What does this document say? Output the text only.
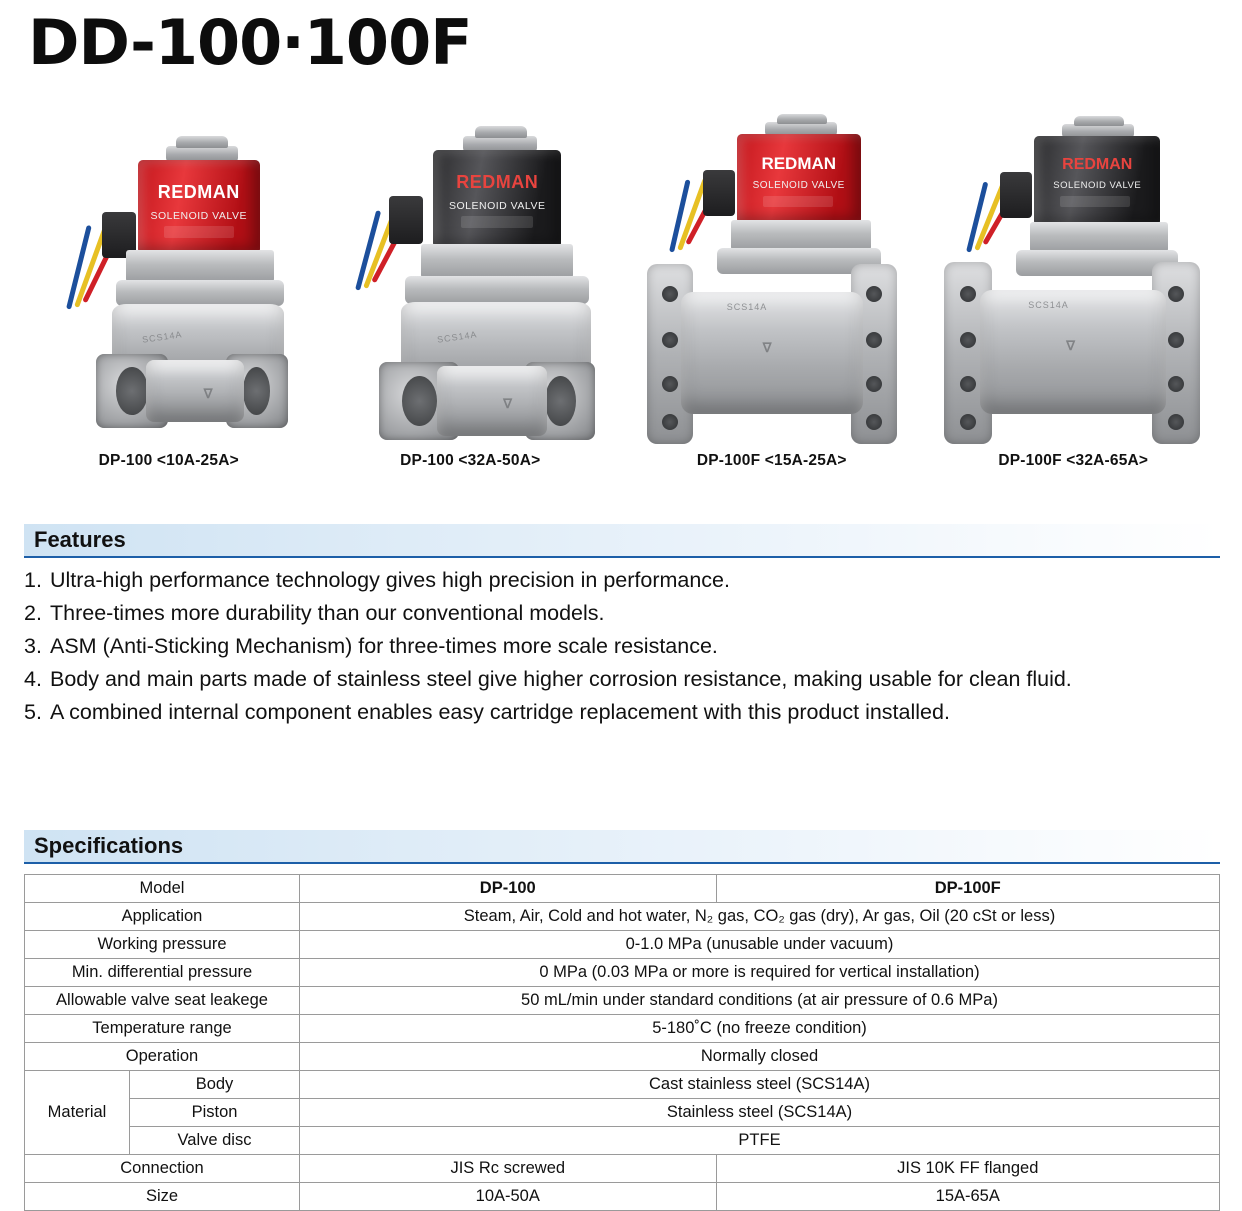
DD-100·100F
REDMAN
SOLENOID VALVE
SCS14A
∇
DP-100 <10A-25A>
REDMAN
SOLENOID VALVE
SCS14A
∇
DP-100 <32A-50A>
REDMAN
SOLENOID VALVE
SCS14A
∇
DP-100F <15A-25A>
REDMAN
SOLENOID VALVE
SCS14A
∇
DP-100F <32A-65A>
Features
1. Ultra-high performance technology gives high precision in performance.
2. Three-times more durability than our conventional models.
3. ASM (Anti-Sticking Mechanism) for three-times more scale resistance.
4. Body and main parts made of stainless steel give higher corrosion resistance, making usable for clean fluid.
5. A combined internal component enables easy cartridge replacement with this product installed.
Specifications
Model		DP-100	DP-100F
Application		Steam, Air, Cold and hot water, N₂ gas, CO₂ gas (dry), Ar gas, Oil (20 cSt or less)	
Working pressure		0-1.0 MPa (unusable under vacuum)	
Min. differential pressure		0 MPa (0.03 MPa or more is required for vertical installation)	
Allowable valve seat leakege		50 mL/min under standard conditions (at air pressure of 0.6 MPa)	
Temperature range		5-180˚C (no freeze condition)	
Operation		Normally closed	
Material	Body	Cast stainless steel (SCS14A)	
	Piston	Stainless steel (SCS14A)	
	Valve disc	PTFE	
Connection		JIS Rc screwed	JIS 10K FF flanged
Size		10A-50A	15A-65A
